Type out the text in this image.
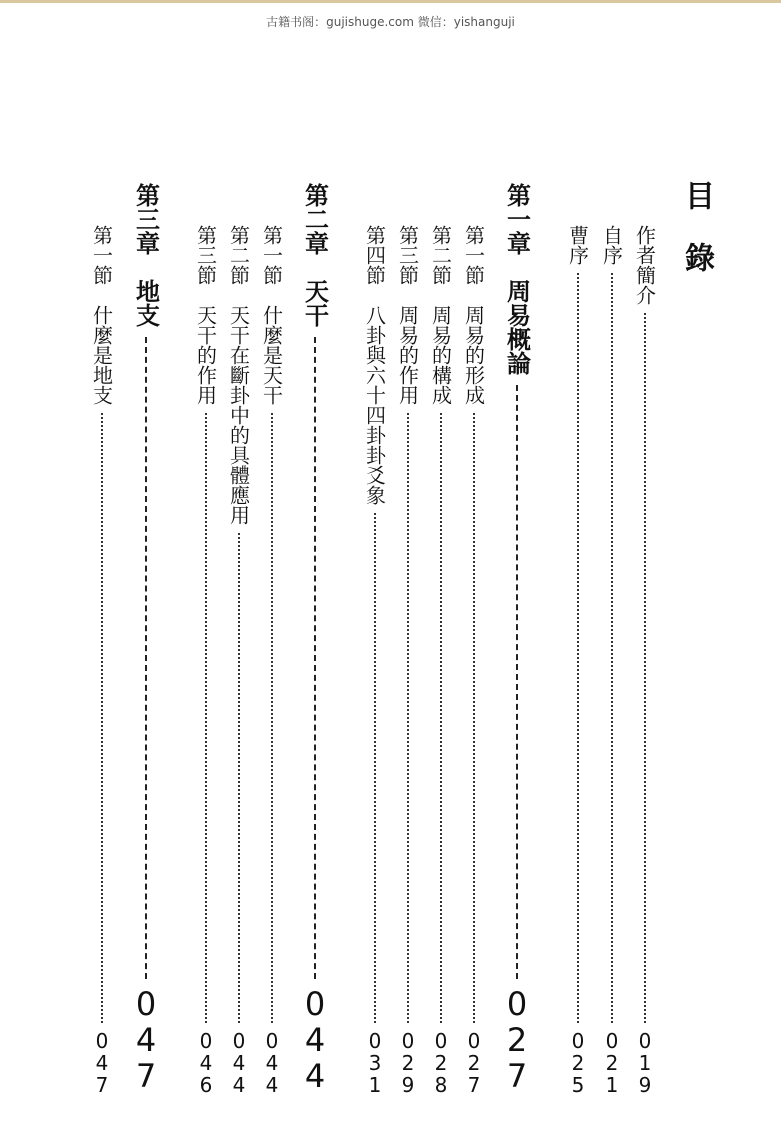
古籍书阁：gujishuge.com 微信：yishanguji
目錄
作者簡介
019
自序
021
曹序
025
第一章　周易概論
027
第一節　周易的形成
027
第二節　周易的構成
028
第三節　周易的作用
029
第四節　八卦與六十四卦卦爻象
031
第二章　天干
044
第一節　什麼是天干
044
第二節　天干在斷卦中的具體應用
044
第三節　天干的作用
046
第三章　地支
047
第一節　什麼是地支
047
